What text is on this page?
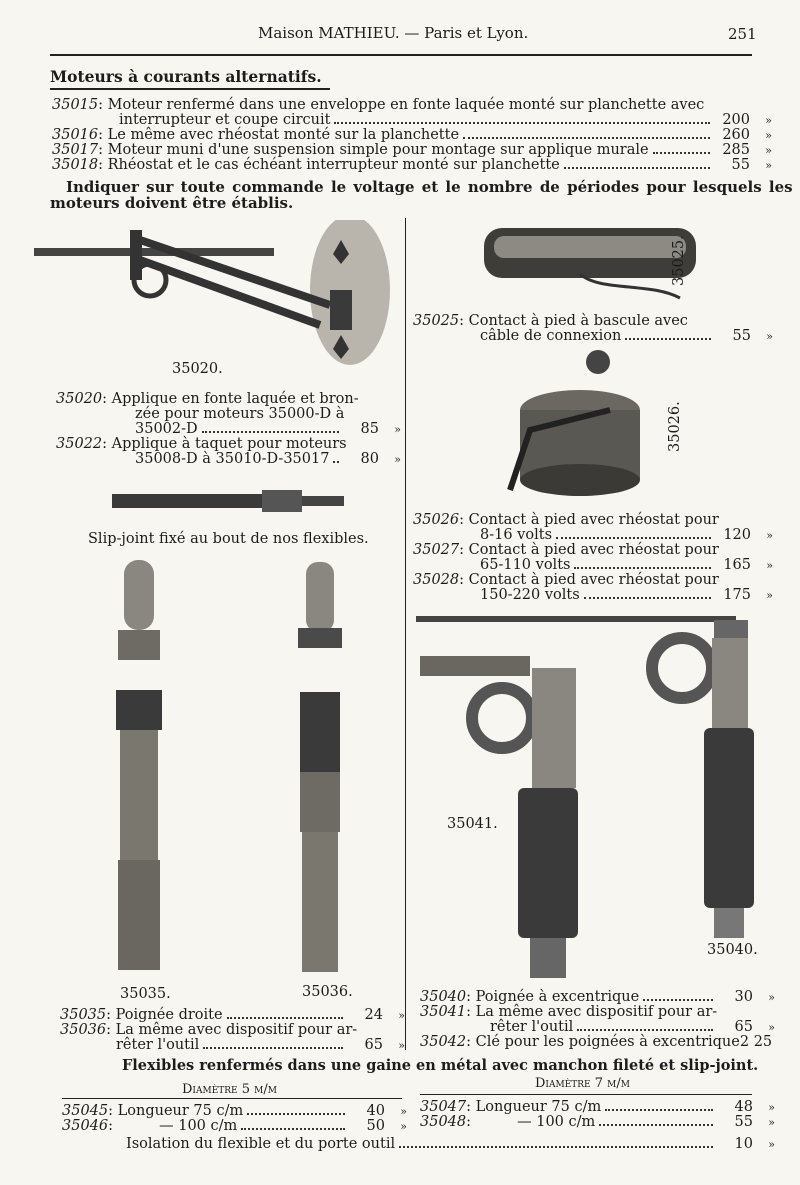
Maison MATHIEU. — Paris et Lyon.	251
Moteurs à courants alternatifs.
35015 : Moteur renfermé dans une enveloppe en fonte laquée monté sur planchette avec
interrupteur et coupe circuit	200	»
35016 : Le même avec rhéostat monté sur la planchette	260	»
35017 : Moteur muni d'une suspension simple pour montage sur applique murale	285	»
35018 : Rhéostat et le cas échéant interrupteur monté sur planchette	55	»
Indiquer sur toute commande le voltage et le nombre de périodes pour lesquels les
moteurs doivent être établis.
35020.
35020 : Applique en fonte laquée et bron-
zée pour moteurs 35000-D à
35002-D	85	»
35022 : Applique à taquet pour moteurs
35008-D à 35010-D-35017	80	»
Slip-joint fixé au bout de nos flexibles.
35035.	35036.
35035 : Poignée droite	24	»
35036 : La même avec dispositif pour ar-
rêter l'outil	65	»
35025.
35025 : Contact à pied à bascule avec
câble de connexion	55	»
35026.
35026 : Contact à pied avec rhéostat pour
8-16 volts	120	»
35027 : Contact à pied avec rhéostat pour
65-110 volts	165	»
35028 : Contact à pied avec rhéostat pour
150-220 volts	175	»
35041.
35040.
35040 : Poignée à excentrique	30	»
35041 : La même avec dispositif pour ar-
rêter l'outil	65	»
35042 : Clé pour les poignées à excentrique 2 25
Flexibles renfermés dans une gaine en métal avec manchon fileté et slip-joint.
Diamètre 5 m/m	Diamètre 7 m/m
35045 : Longueur 75 c/m	40	»
35046 : — 100 c/m	50	»
35047 : Longueur 75 c/m	48	»
35048 : — 100 c/m	55	»
Isolation du flexible et du porte outil	10	»
